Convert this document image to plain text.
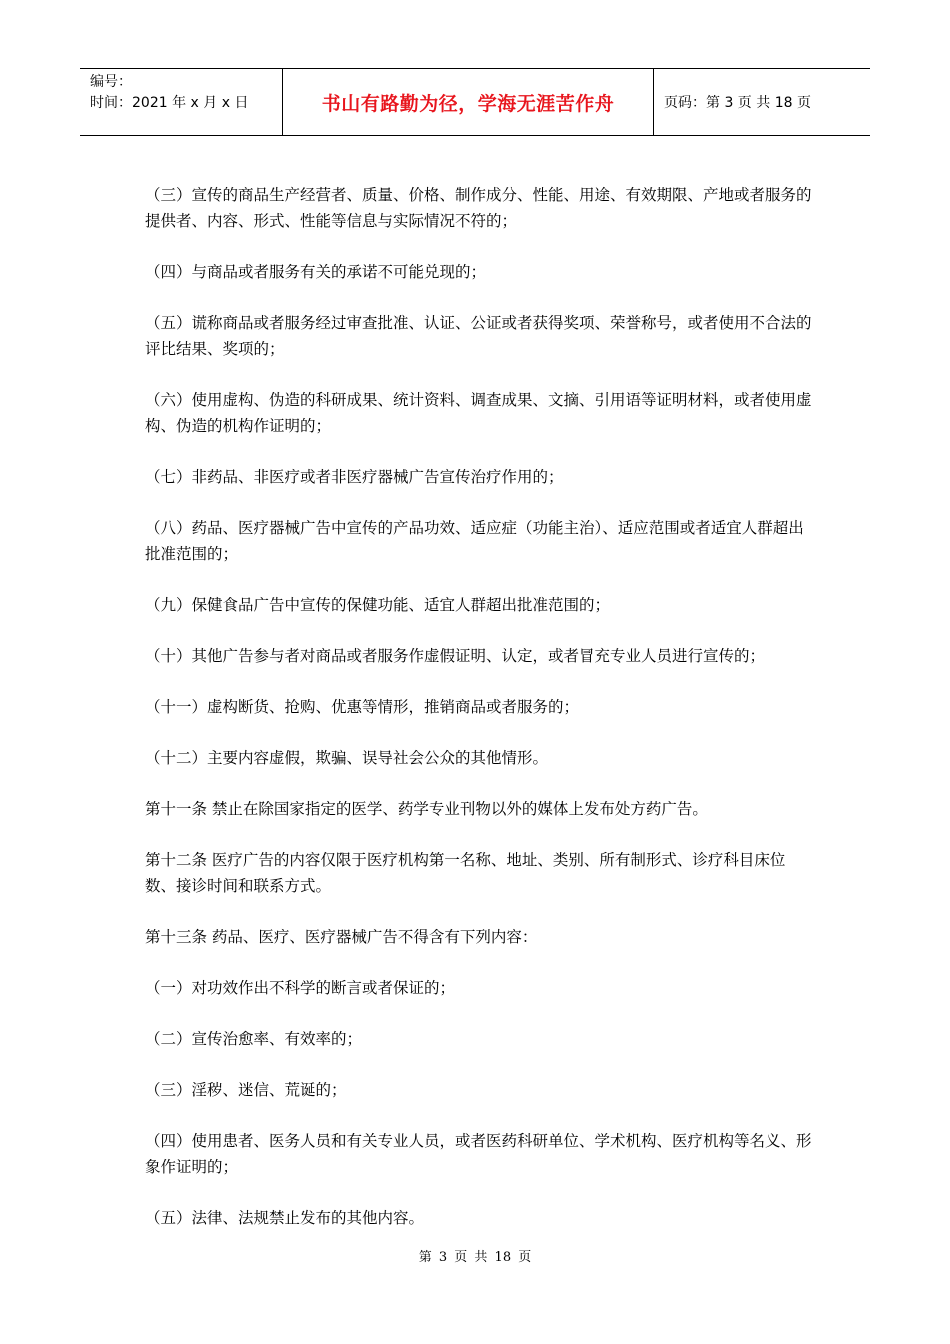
编号：
时间：2021 年 x 月 x 日	书山有路勤为径，学海无涯苦作舟	页码：第 3 页 共 18 页

（三）宣传的商品生产经营者、质量、价格、制作成分、性能、用途、有效期限、产地或者服务的提供者、内容、形式、性能等信息与实际情况不符的；

（四）与商品或者服务有关的承诺不可能兑现的；

（五）谎称商品或者服务经过审查批准、认证、公证或者获得奖项、荣誉称号，或者使用不合法的评比结果、奖项的；

（六）使用虚构、伪造的科研成果、统计资料、调查成果、文摘、引用语等证明材料，或者使用虚构、伪造的机构作证明的；

（七）非药品、非医疗或者非医疗器械广告宣传治疗作用的；

（八）药品、医疗器械广告中宣传的产品功效、适应症（功能主治）、适应范围或者适宜人群超出批准范围的；

（九）保健食品广告中宣传的保健功能、适宜人群超出批准范围的；

（十）其他广告参与者对商品或者服务作虚假证明、认定，或者冒充专业人员进行宣传的；

（十一）虚构断货、抢购、优惠等情形，推销商品或者服务的；

（十二）主要内容虚假，欺骗、误导社会公众的其他情形。

第十一条 禁止在除国家指定的医学、药学专业刊物以外的媒体上发布处方药广告。

第十二条 医疗广告的内容仅限于医疗机构第一名称、地址、类别、所有制形式、诊疗科目床位数、接诊时间和联系方式。

第十三条 药品、医疗、医疗器械广告不得含有下列内容：

（一）对功效作出不科学的断言或者保证的；

（二）宣传治愈率、有效率的；

（三）淫秽、迷信、荒诞的；

（四）使用患者、医务人员和有关专业人员，或者医药科研单位、学术机构、医疗机构等名义、形象作证明的；

（五）法律、法规禁止发布的其他内容。

第 3 页 共 18 页
